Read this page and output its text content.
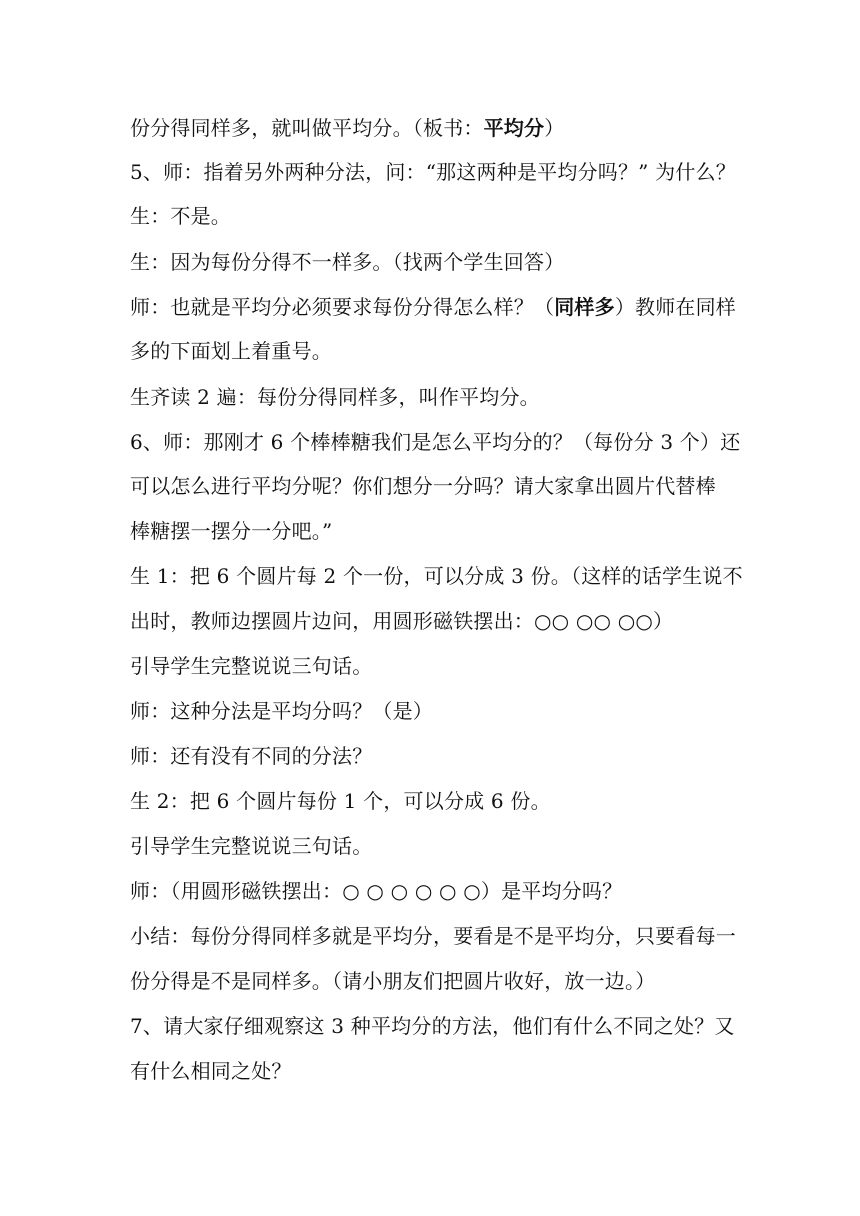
份分得同样多，就叫做平均分。（板书：平均分）
5、师：指着另外两种分法，问：“那这两种是平均分吗？” 为什么？
生：不是。
生：因为每份分得不一样多。（找两个学生回答）
师：也就是平均分必须要求每份分得怎么样？（同样多）教师在同样
多的下面划上着重号。
生齐读 2 遍：每份分得同样多，叫作平均分。
6、师：那刚才 6 个棒棒糖我们是怎么平均分的？（每份分 3 个）还
可以怎么进行平均分呢？你们想分一分吗？请大家拿出圆片代替棒
棒糖摆一摆分一分吧。”
生 1：把 6 个圆片每 2 个一份，可以分成 3 份。（这样的话学生说不
出时，教师边摆圆片边问，用圆形磁铁摆出：○○ ○○ ○○）
引导学生完整说说三句话。
师：这种分法是平均分吗？（是）
师：还有没有不同的分法？
生 2：把 6 个圆片每份 1 个，可以分成 6 份。
引导学生完整说说三句话。
师：（用圆形磁铁摆出：○ ○ ○ ○ ○ ○）是平均分吗？
小结：每份分得同样多就是平均分，要看是不是平均分，只要看每一
份分得是不是同样多。（请小朋友们把圆片收好，放一边。）
7、请大家仔细观察这 3 种平均分的方法，他们有什么不同之处？又
有什么相同之处？
